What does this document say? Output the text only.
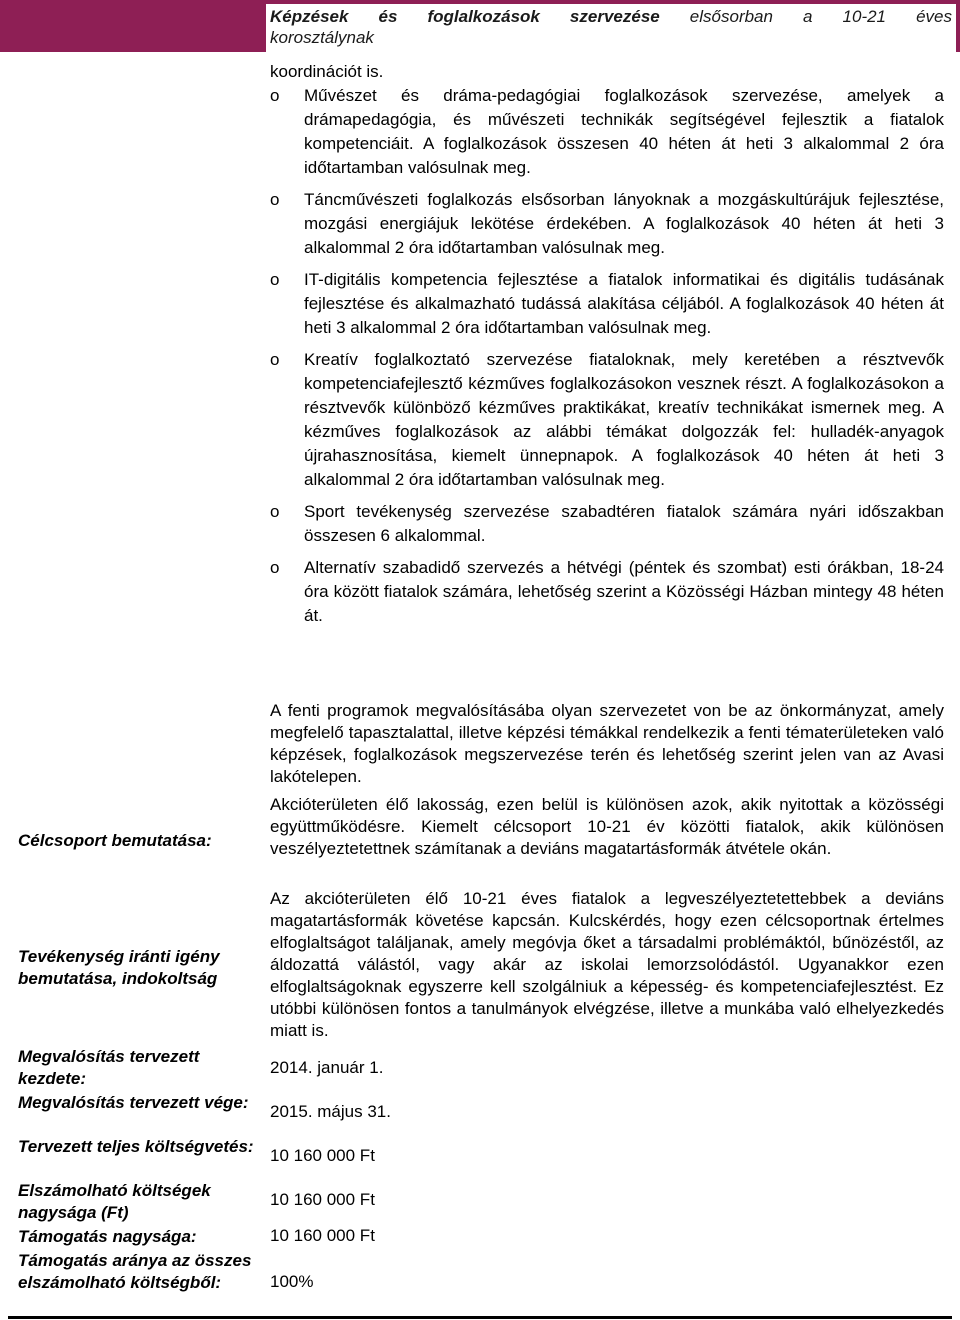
Képzések és foglalkozások szervezése elsősorban a 10-21 éves
korosztálynak
koordinációt is.
o Művészet és dráma-pedagógiai foglalkozások szervezése, amelyek a drámapedagógia, és művészeti technikák segítségével fejlesztik a fiatalok kompetenciáit. A foglalkozások összesen 40 héten át heti 3 alkalommal 2 óra időtartamban valósulnak meg.
o Táncművészeti foglalkozás elsősorban lányoknak a mozgáskultúrájuk fejlesztése, mozgási energiájuk lekötése érdekében. A foglalkozások 40 héten át heti 3 alkalommal 2 óra időtartamban valósulnak meg.
o IT-digitális kompetencia fejlesztése a fiatalok informatikai és digitális tudásának fejlesztése és alkalmazható tudássá alakítása céljából. A foglalkozások 40 héten át heti 3 alkalommal 2 óra időtartamban valósulnak meg.
o Kreatív foglalkoztató szervezése fiataloknak, mely keretében a résztvevők kompetenciafejlesztő kézműves foglalkozásokon vesznek részt. A foglalkozásokon a résztvevők különböző kézműves praktikákat, kreatív technikákat ismernek meg. A kézműves foglalkozások az alábbi témákat dolgozzák fel: hulladék-anyagok újrahasznosítása, kiemelt ünnepnapok. A foglalkozások 40 héten át heti 3 alkalommal 2 óra időtartamban valósulnak meg.
o Sport tevékenység szervezése szabadtéren fiatalok számára nyári időszakban összesen 6 alkalommal.
o Alternatív szabadidő szervezés a hétvégi (péntek és szombat) esti órákban, 18-24 óra között fiatalok számára, lehetőség szerint a Közösségi Házban mintegy 48 héten át.
A fenti programok megvalósításába olyan szervezetet von be az önkormányzat, amely megfelelő tapasztalattal, illetve képzési témákkal rendelkezik a fenti tématerületeken való képzések, foglalkozások megszervezése terén és lehetőség szerint jelen van az Avasi lakótelepen.
Akcióterületen élő lakosság, ezen belül is különösen azok, akik nyitottak a közösségi együttműködésre. Kiemelt célcsoport 10-21 év közötti fiatalok, akik különösen veszélyeztetettnek számítanak a deviáns magatartásformák átvétele okán.
Az akcióterületen élő 10-21 éves fiatalok a legveszélyeztetettebbek a deviáns magatartásformák követése kapcsán. Kulcskérdés, hogy ezen célcsoportnak értelmes elfoglaltságot találjanak, amely megóvja őket a társadalmi problémáktól, bűnözéstől, az áldozattá válástól, vagy akár az iskolai lemorzsolódástól. Ugyanakkor ezen elfoglaltságoknak egyszerre kell szolgálniuk a képesség- és kompetenciafejlesztést. Ez utóbbi különösen fontos a tanulmányok elvégzése, illetve a munkába való elhelyezkedés miatt is.
Célcsoport bemutatása:
Tevékenység iránti igény bemutatása, indokoltság
Megvalósítás tervezett kezdete:
Megvalósítás tervezett vége:
Tervezett teljes költségvetés:
Elszámolható költségek nagysága (Ft)
Támogatás nagysága:
Támogatás aránya az összes elszámolható költségből:
2014. január 1.
2015. május 31.
10 160 000 Ft
10 160 000 Ft
10 160 000 Ft
100%
